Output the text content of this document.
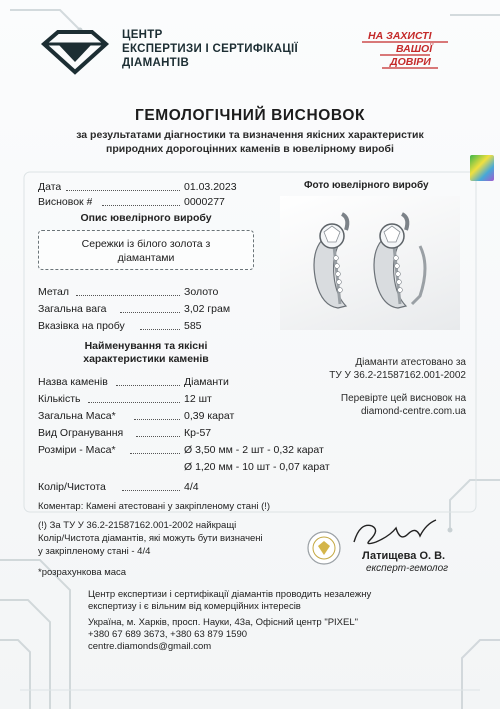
ЦЕНТР
ЕКСПЕРТИЗИ І СЕРТИФІКАЦІЇ
ДІАМАНТІВ
НА ЗАХИСТІ
ВАШОЇ
ДОВІРИ
ГЕМОЛОГІЧНИЙ ВИСНОВОК
за результатами діагностики та визначення якісних характеристик
природних дорогоцінних каменів в ювелірному виробі
Дата	01.03.2023
Висновок #	0000277
Опис ювелірного виробу
Сережки із білого золота з
діамантами
Фото ювелірного виробу
Метал	Золото
Загальна вага	3,02 грам
Вказівка на пробу	585
Найменування та якісні
характеристики каменів
Назва каменів	Діаманти
Кількість	12 шт
Загальна Маса*	0,39 карат
Вид Огранування	Кр-57
Розміри - Маса*	Ø 3,50 мм - 2 шт - 0,32 карат
Ø 1,20 мм - 10 шт - 0,07 карат
Колір/Чистота	4/4
Діаманти атестовано за
ТУ У 36.2-21587162.001-2002
Перевірте цей висновок на
diamond-centre.com.ua
Коментар: Камені атестовані у закріпленому стані (!)
(!) За ТУ У 36.2-21587162.001-2002 найкращі
Колір/Чистота діамантів, які можуть бути визначені
у закріпленому стані - 4/4
*розрахункова маса
Латищева О. В.
експерт-гемолог
Центр експертизи і сертифікації діамантів проводить незалежну
експертизу і є вільним від комерційних інтересів
Україна, м. Харків, просп. Науки, 43а, Офісний центр "PIXEL"
+380 67 689 3673, +380 63 879 1590
centre.diamonds@gmail.com
